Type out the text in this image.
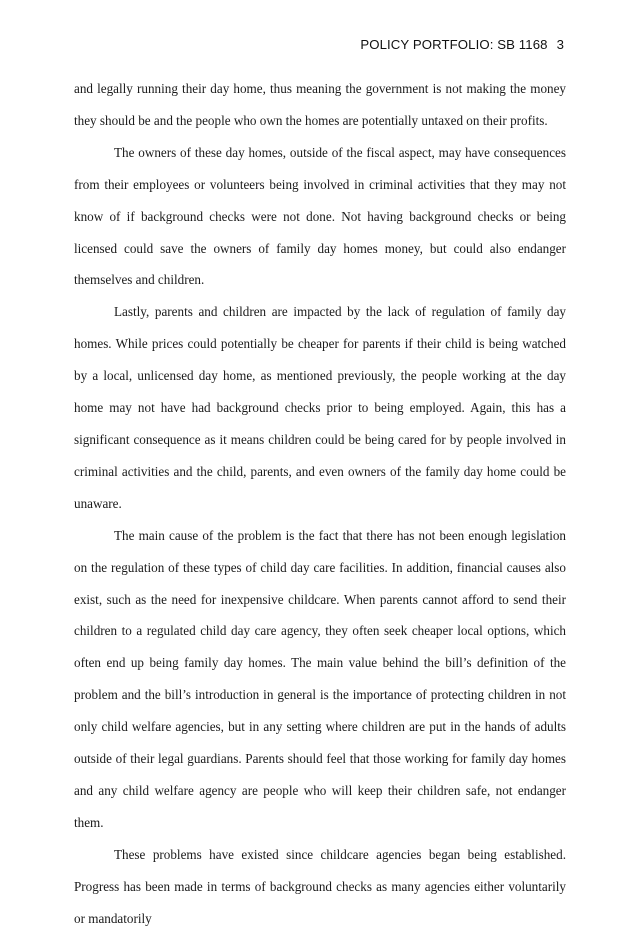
POLICY PORTFOLIO: SB 1168 3

and legally running their day home, thus meaning the government is not making the money they should be and the people who own the homes are potentially untaxed on their profits.

The owners of these day homes, outside of the fiscal aspect, may have consequences from their employees or volunteers being involved in criminal activities that they may not know of if background checks were not done. Not having background checks or being licensed could save the owners of family day homes money, but could also endanger themselves and children.

Lastly, parents and children are impacted by the lack of regulation of family day homes. While prices could potentially be cheaper for parents if their child is being watched by a local, unlicensed day home, as mentioned previously, the people working at the day home may not have had background checks prior to being employed. Again, this has a significant consequence as it means children could be being cared for by people involved in criminal activities and the child, parents, and even owners of the family day home could be unaware.

The main cause of the problem is the fact that there has not been enough legislation on the regulation of these types of child day care facilities. In addition, financial causes also exist, such as the need for inexpensive childcare. When parents cannot afford to send their children to a regulated child day care agency, they often seek cheaper local options, which often end up being family day homes. The main value behind the bill’s definition of the problem and the bill’s introduction in general is the importance of protecting children in not only child welfare agencies, but in any setting where children are put in the hands of adults outside of their legal guardians. Parents should feel that those working for family day homes and any child welfare agency are people who will keep their children safe, not endanger them.

These problems have existed since childcare agencies began being established. Progress has been made in terms of background checks as many agencies either voluntarily or mandatorily
